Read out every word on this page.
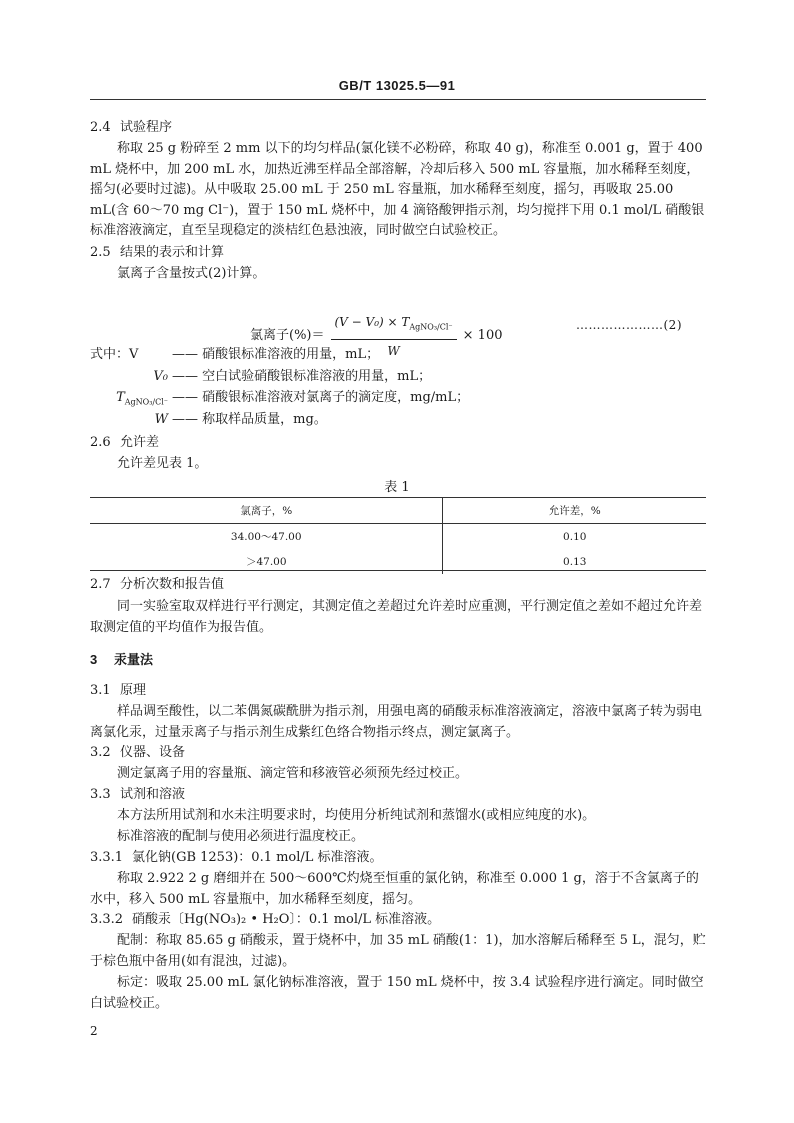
GB/T 13025.5—91
2.4 试验程序
称取 25 g 粉碎至 2 mm 以下的均匀样品(氯化镁不必粉碎，称取 40 g)，称准至 0.001 g，置于 400 mL 烧杯中，加 200 mL 水，加热近沸至样品全部溶解，冷却后移入 500 mL 容量瓶，加水稀释至刻度，摇匀(必要时过滤)。从中吸取 25.00 mL 于 250 mL 容量瓶，加水稀释至刻度，摇匀，再吸取 25.00 mL(含 60～70 mg Cl⁻)，置于 150 mL 烧杯中，加 4 滴铬酸钾指示剂，均匀搅拌下用 0.1 mol/L 硝酸银标准溶液滴定，直至呈现稳定的淡桔红色悬浊液，同时做空白试验校正。
2.5 结果的表示和计算
氯离子含量按式(2)计算。
氯离子(%)＝ $\frac{(V - V_0) \times T_{AgNO_3/Cl^-}}{W} \times 100$
…………………(2)
式中：V	—— 硝酸银标准溶液的用量，mL；
V₀ —— 空白试验硝酸银标准溶液的用量，mL；
$T_{AgNO_3/Cl^-}$ —— 硝酸银标准溶液对氯离子的滴定度，mg/mL；
W —— 称取样品质量，mg。
2.6 允许差
允许差见表 1。
表 1
氯离子，%	允许差，%
34.00～47.00	0.10
＞47.00	0.13
2.7 分析次数和报告值
同一实验室取双样进行平行测定，其测定值之差超过允许差时应重测，平行测定值之差如不超过允许差取测定值的平均值作为报告值。
3 汞量法
3.1 原理
样品调至酸性，以二苯偶氮碳酰肼为指示剂，用强电离的硝酸汞标准溶液滴定，溶液中氯离子转为弱电离氯化汞，过量汞离子与指示剂生成紫红色络合物指示终点，测定氯离子。
3.2 仪器、设备
测定氯离子用的容量瓶、滴定管和移液管必须预先经过校正。
3.3 试剂和溶液
本方法所用试剂和水未注明要求时，均使用分析纯试剂和蒸馏水(或相应纯度的水)。
标准溶液的配制与使用必须进行温度校正。
3.3.1 氯化钠(GB 1253)：0.1 mol/L 标准溶液。
称取 2.922 2 g 磨细并在 500～600℃灼烧至恒重的氯化钠，称准至 0.000 1 g，溶于不含氯离子的水中，移入 500 mL 容量瓶中，加水稀释至刻度，摇匀。
3.3.2 硝酸汞〔Hg(NO₃)₂ • H₂O〕：0.1 mol/L 标准溶液。
配制：称取 85.65 g 硝酸汞，置于烧杯中，加 35 mL 硝酸(1：1)，加水溶解后稀释至 5 L，混匀，贮于棕色瓶中备用(如有混浊，过滤)。
标定：吸取 25.00 mL 氯化钠标准溶液，置于 150 mL 烧杯中，按 3.4 试验程序进行滴定。同时做空白试验校正。
2
